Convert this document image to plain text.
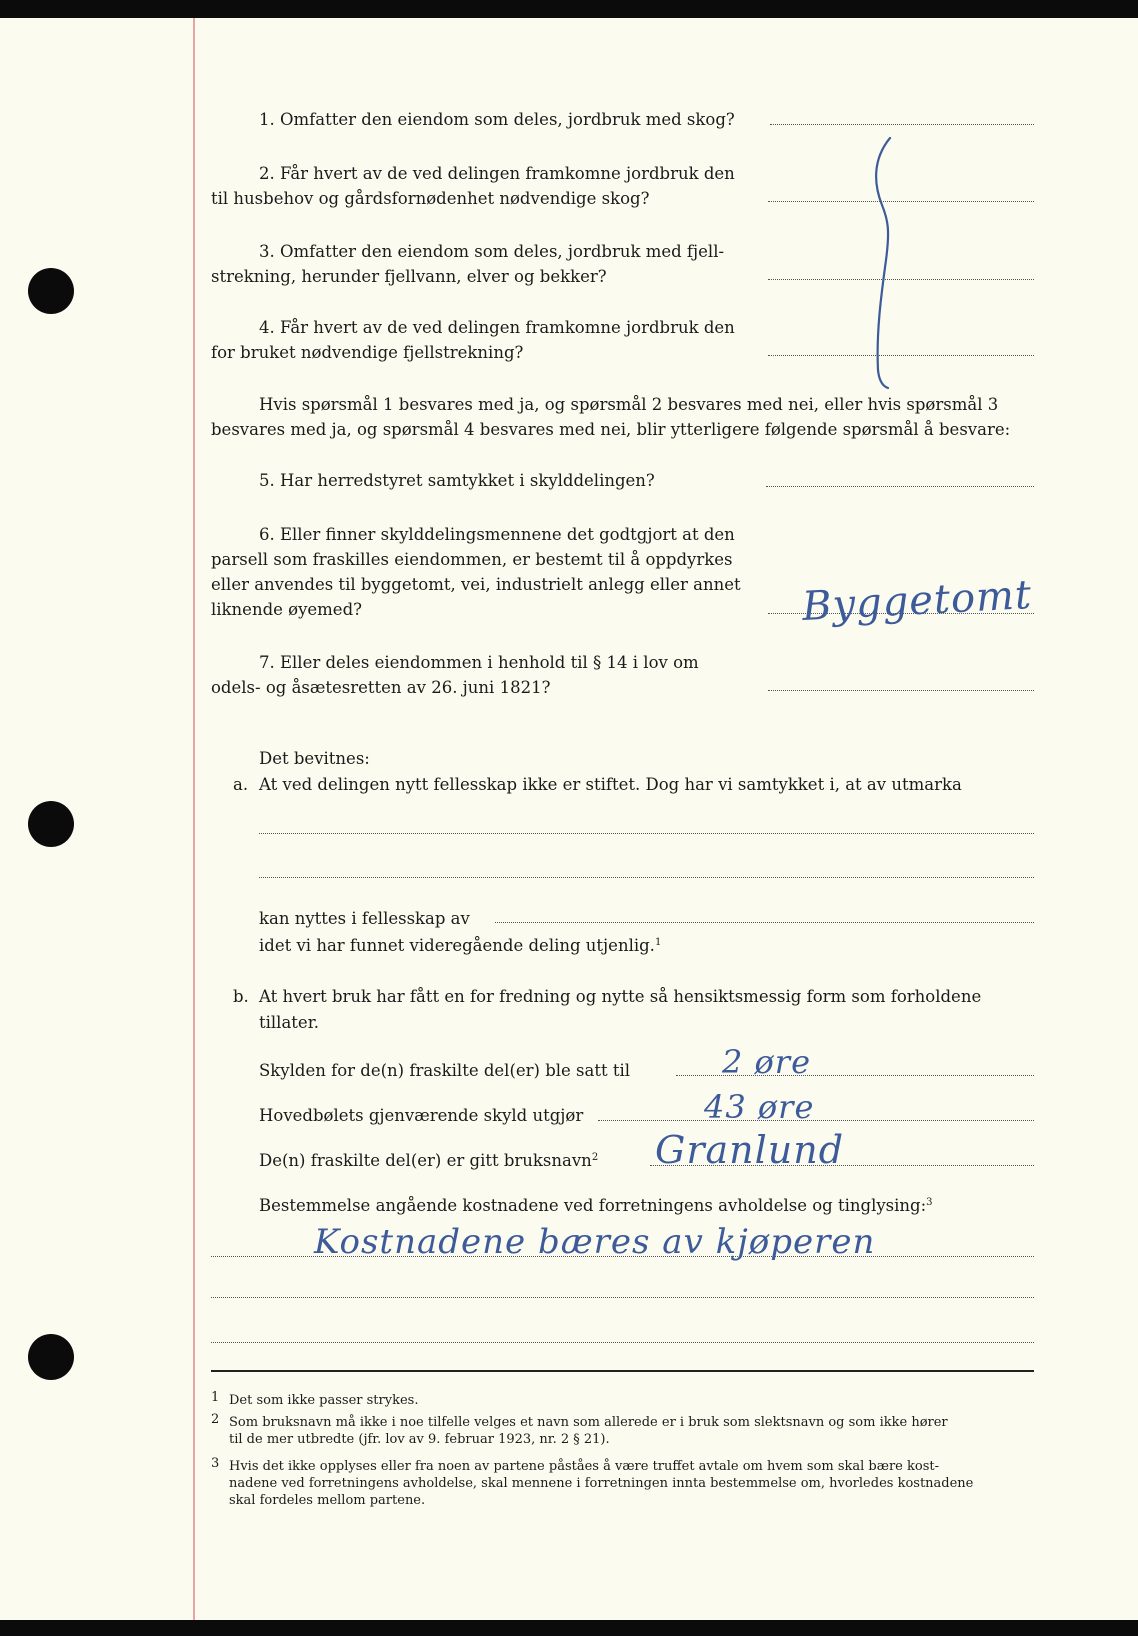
1. Omfatter den eiendom som deles, jordbruk med skog?
2. Får hvert av de ved delingen framkomne jordbruk den
til husbehov og gårdsfornødenhet nødvendige skog?
3. Omfatter den eiendom som deles, jordbruk med fjell-
strekning, herunder fjellvann, elver og bekker?
4. Får hvert av de ved delingen framkomne jordbruk den
for bruket nødvendige fjellstrekning?
Hvis spørsmål 1 besvares med ja, og spørsmål 2 besvares med nei, eller hvis spørsmål 3
besvares med ja, og spørsmål 4 besvares med nei, blir ytterligere følgende spørsmål å besvare:
5. Har herredstyret samtykket i skylddelingen?
6. Eller finner skylddelingsmennene det godtgjort at den
parsell som fraskilles eiendommen, er bestemt til å oppdyrkes
eller anvendes til byggetomt, vei, industrielt anlegg eller annet
liknende øyemed?	Byggetomt
7. Eller deles eiendommen i henhold til § 14 i lov om
odels- og åsætesretten av 26. juni 1821?
Det bevitnes:
a. At ved delingen nytt fellesskap ikke er stiftet. Dog har vi samtykket i, at av utmarka
kan nyttes i fellesskap av
idet vi har funnet videregående deling utjenlig.$^1$
b. At hvert bruk har fått en for fredning og nytte så hensiktsmessig form som forholdene
tillater.
Skylden for de(n) fraskilte del(er) ble satt til	2 øre
Hovedbølets gjenværende skyld utgjør	43 øre
De(n) fraskilte del(er) er gitt bruksnavn$^2$ Granlund
Bestemmelse angående kostnadene ved forretningens avholdelse og tinglysing:$^3$
Kostnadene bæres av kjøperen
1 Det som ikke passer strykes.
2 Som bruksnavn må ikke i noe tilfelle velges et navn som allerede er i bruk som slektsnavn og som ikke hører
til de mer utbredte (jfr. lov av 9. februar 1923, nr. 2 § 21).
3 Hvis det ikke opplyses eller fra noen av partene påståes å være truffet avtale om hvem som skal bære kost-
nadene ved forretningens avholdelse, skal mennene i forretningen innta bestemmelse om, hvorledes kostnadene
skal fordeles mellom partene.
